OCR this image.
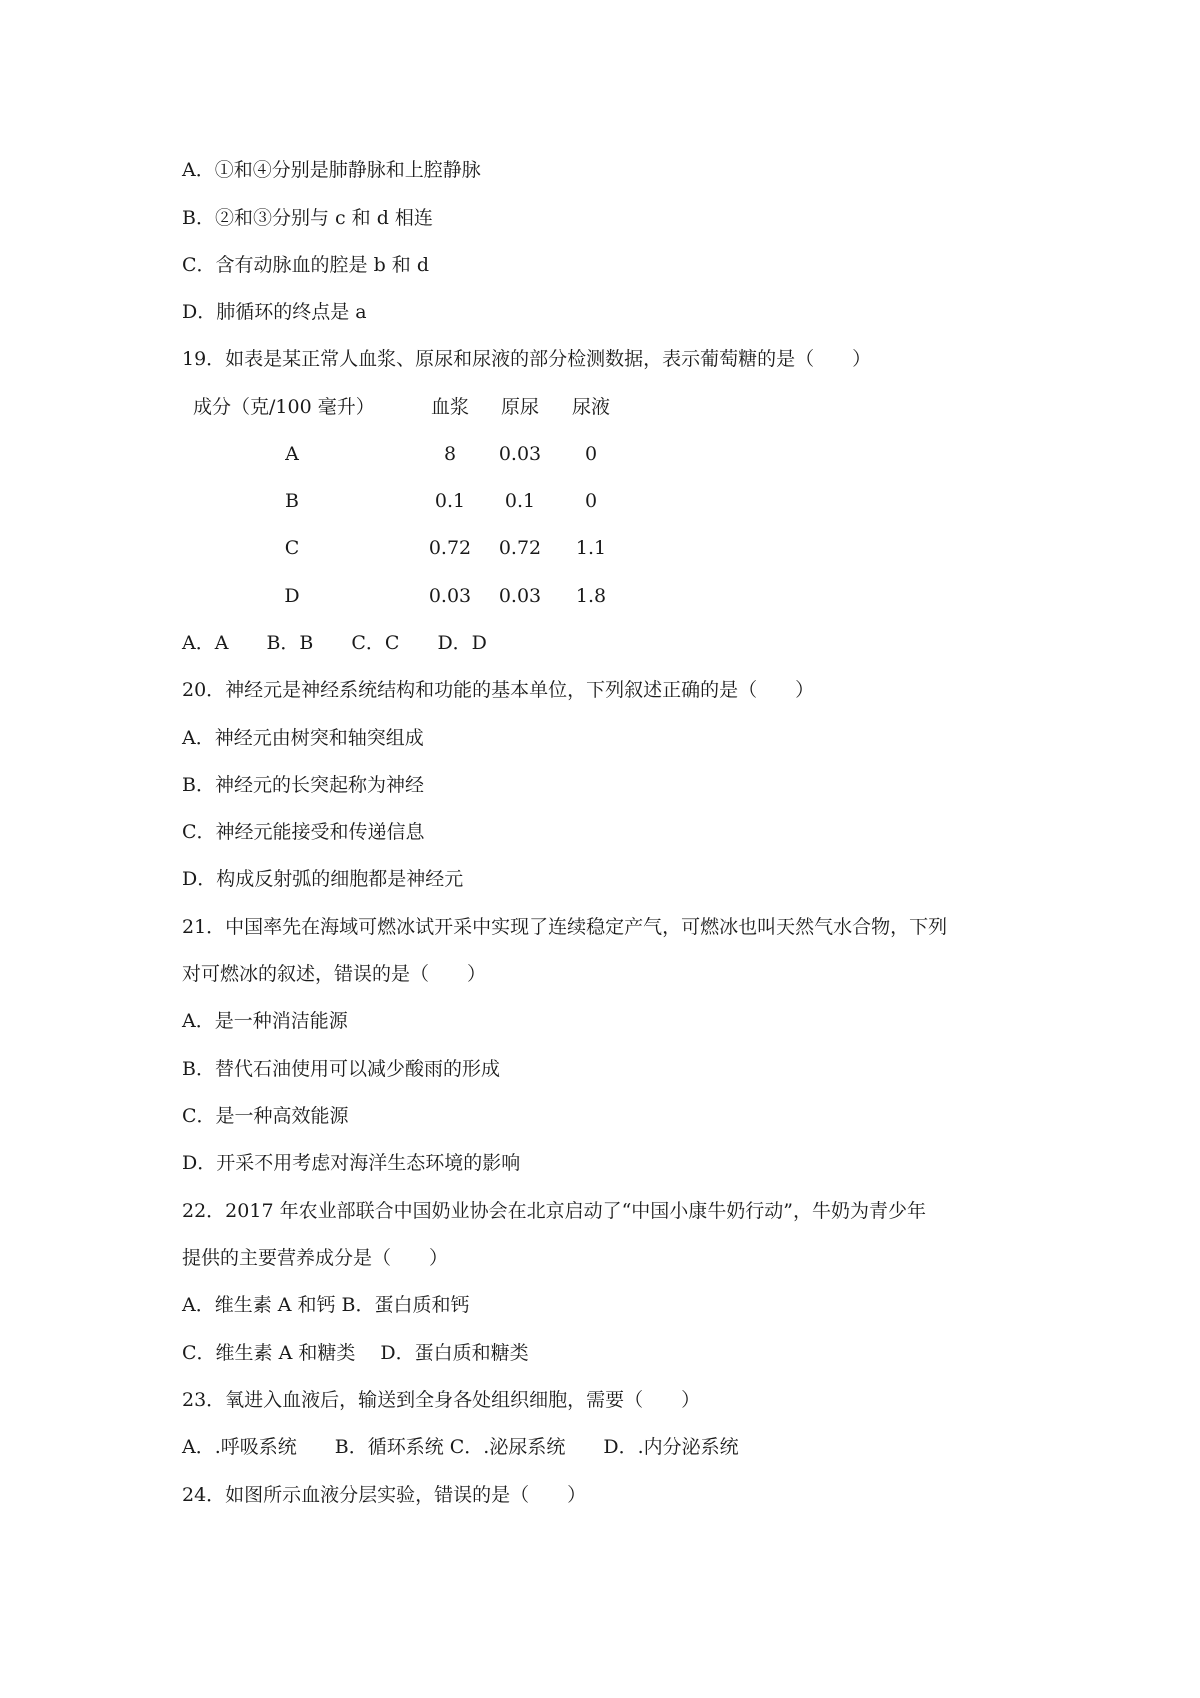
A．①和④分别是肺静脉和上腔静脉
B．②和③分别与 c 和 d 相连
C．含有动脉血的腔是 b 和 d
D．肺循环的终点是 a
19．如表是某正常人血浆、原尿和尿液的部分检测数据，表示葡萄糖的是（　　）
成分（克/100 毫升）	血浆	原尿	尿液
A	8	0.03	0
B	0.1	0.1	0
C	0.72	0.72	1.1
D	0.03	0.03	1.8
A．A　　B．B　　C．C　　D．D
20．神经元是神经系统结构和功能的基本单位，下列叙述正确的是（　　）
A．神经元由树突和轴突组成
B．神经元的长突起称为神经
C．神经元能接受和传递信息
D．构成反射弧的细胞都是神经元
21．中国率先在海域可燃冰试开采中实现了连续稳定产气，可燃冰也叫天然气水合物，下列
对可燃冰的叙述，错误的是（　　）
A．是一种消洁能源
B．替代石油使用可以减少酸雨的形成
C．是一种高效能源
D．开采不用考虑对海洋生态环境的影响
22．2017 年农业部联合中国奶业协会在北京启动了“中国小康牛奶行动”，牛奶为青少年
提供的主要营养成分是（　　）
A．维生素 A 和钙 B．蛋白质和钙
C．维生素 A 和糖类　 D．蛋白质和糖类
23．氧进入血液后，输送到全身各处组织细胞，需要（　　）
A．.呼吸系统　　B．循环系统 C．.泌尿系统　　D．.内分泌系统
24．如图所示血液分层实验，错误的是（　　）
